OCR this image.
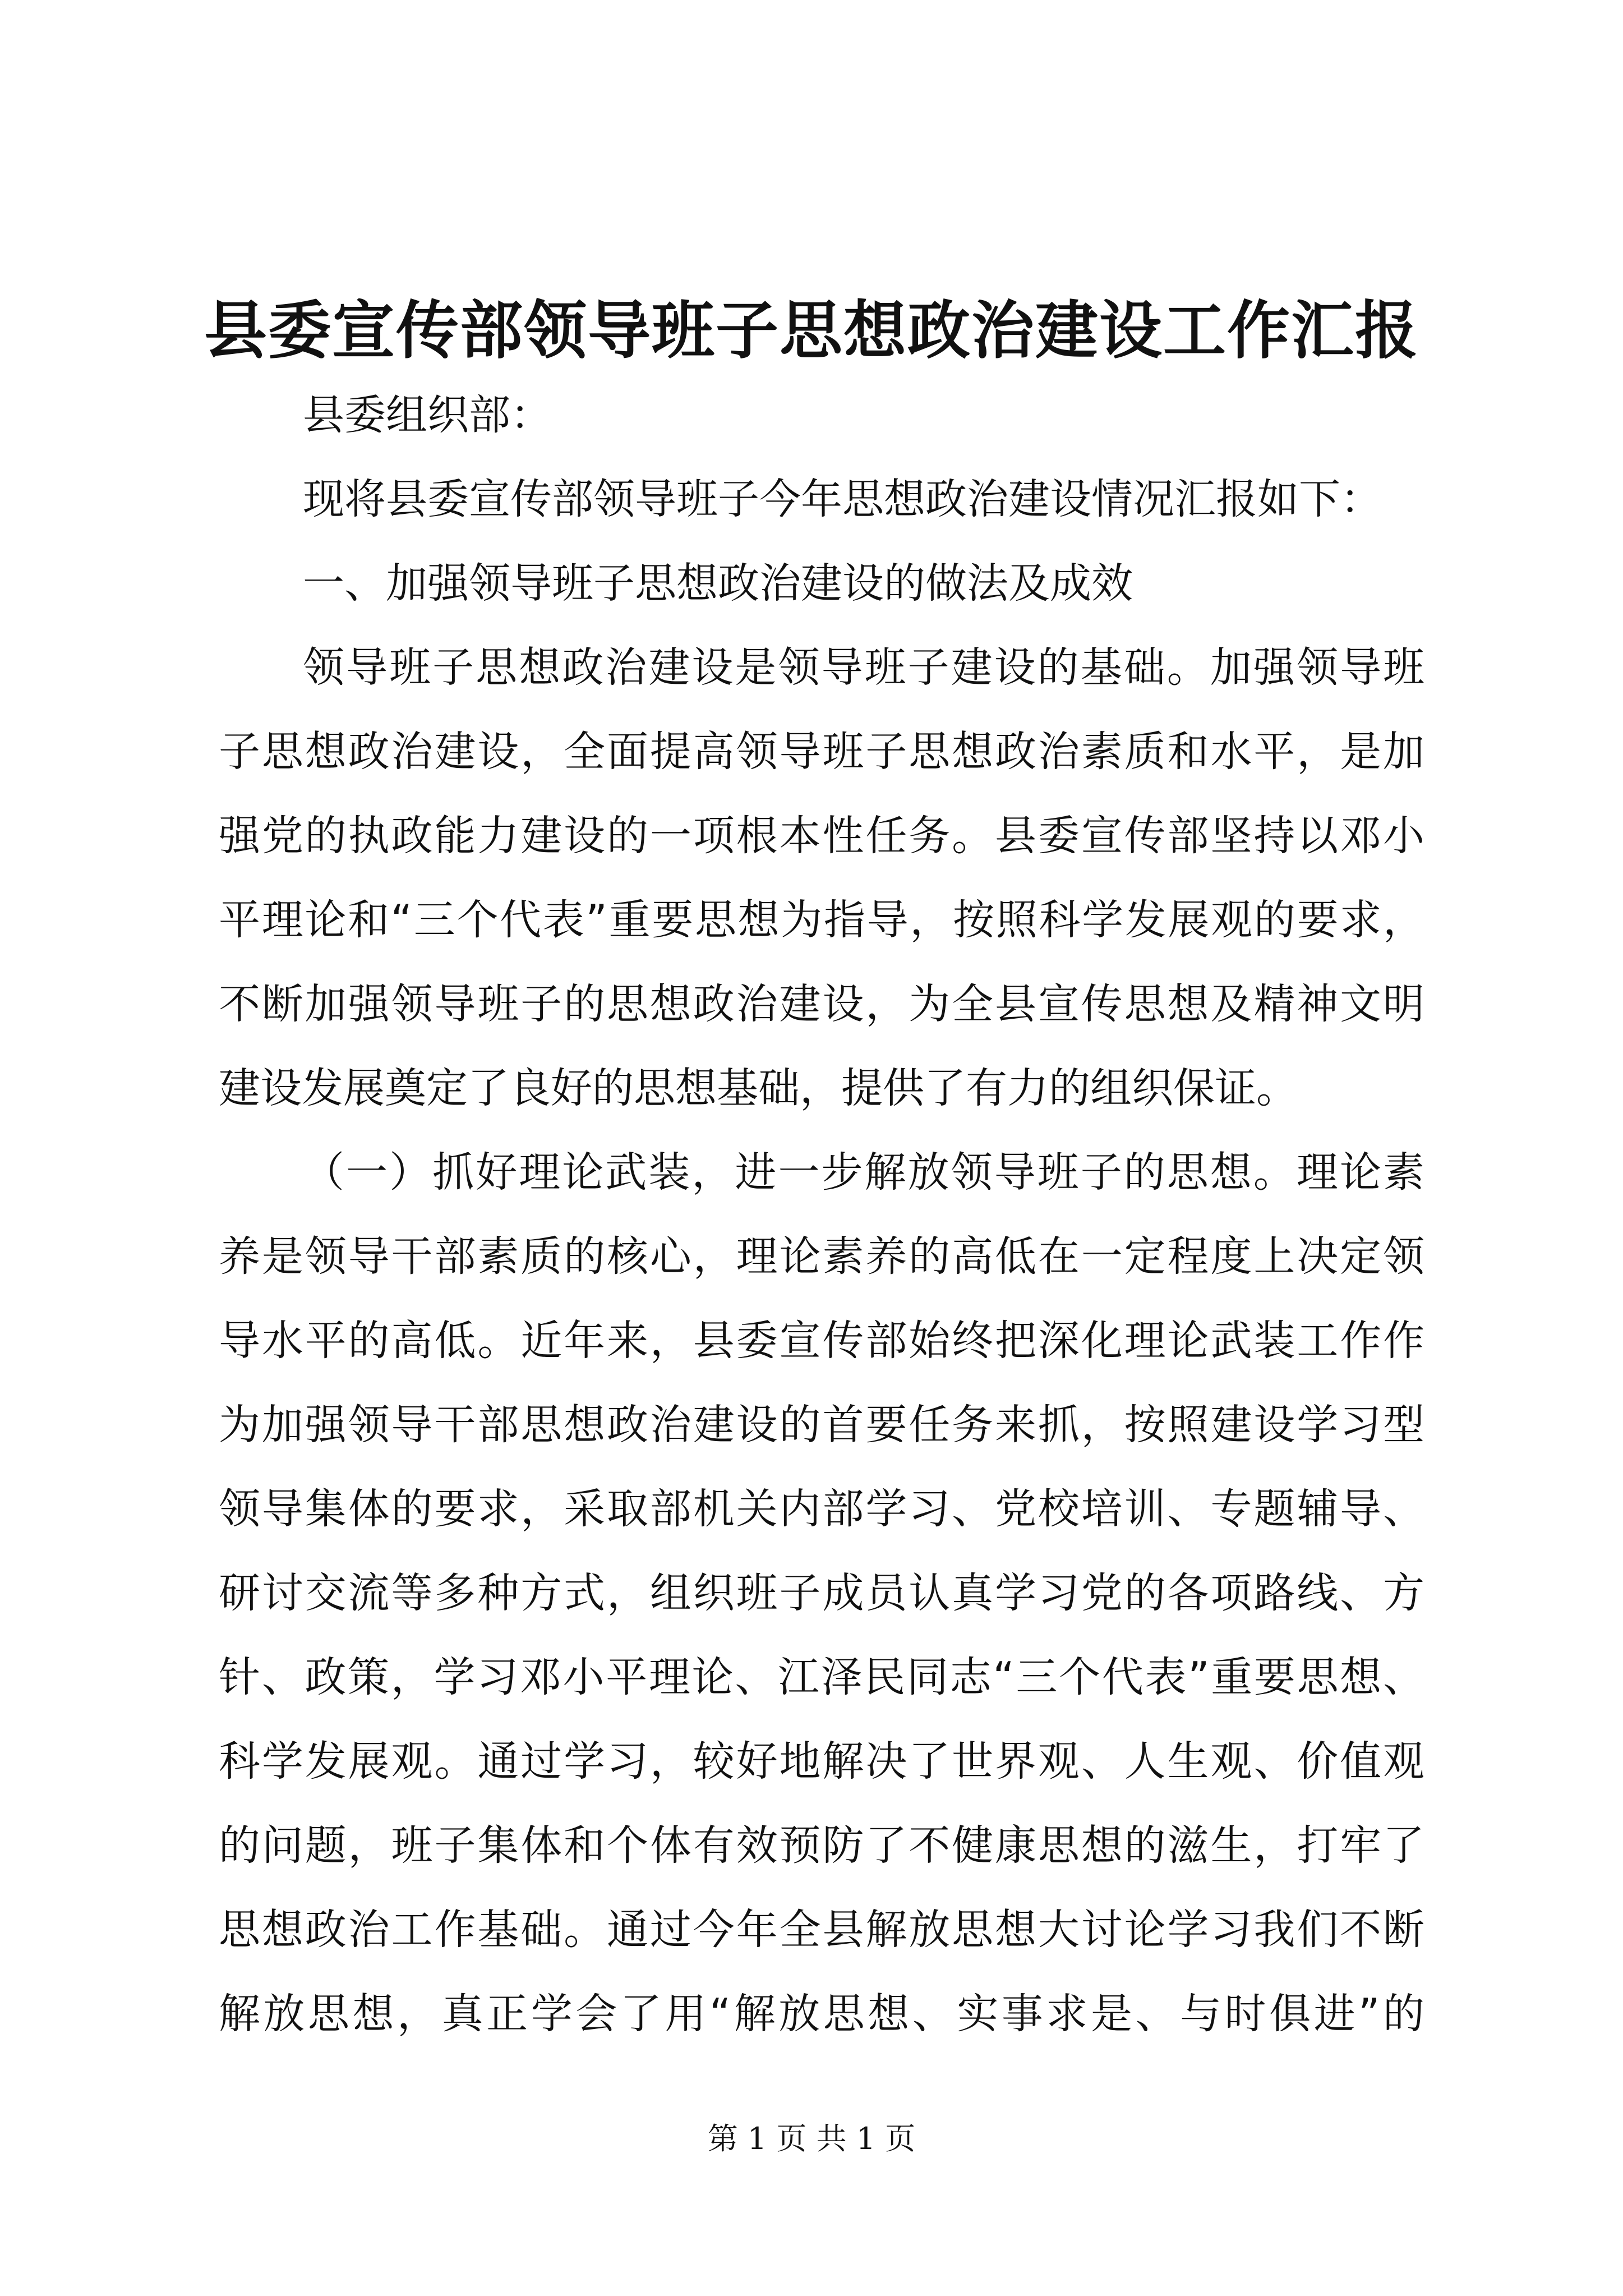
县委宣传部领导班子思想政治建设工作汇报
县委组织部：
现将县委宣传部领导班子今年思想政治建设情况汇报如下：
一、加强领导班子思想政治建设的做法及成效
领导班子思想政治建设是领导班子建设的基础。加强领导班
子思想政治建设，全面提高领导班子思想政治素质和水平，是加
强党的执政能力建设的一项根本性任务。县委宣传部坚持以邓小
平理论和“三个代表”重要思想为指导，按照科学发展观的要求，
不断加强领导班子的思想政治建设，为全县宣传思想及精神文明
建设发展奠定了良好的思想基础，提供了有力的组织保证。
（一）抓好理论武装，进一步解放领导班子的思想。理论素
养是领导干部素质的核心，理论素养的高低在一定程度上决定领
导水平的高低。近年来，县委宣传部始终把深化理论武装工作作
为加强领导干部思想政治建设的首要任务来抓，按照建设学习型
领导集体的要求，采取部机关内部学习、党校培训、专题辅导、
研讨交流等多种方式，组织班子成员认真学习党的各项路线、方
针、政策，学习邓小平理论、江泽民同志“三个代表”重要思想、
科学发展观。通过学习，较好地解决了世界观、人生观、价值观
的问题，班子集体和个体有效预防了不健康思想的滋生，打牢了
思想政治工作基础。通过今年全县解放思想大讨论学习我们不断
解放思想，真正学会了用“解放思想、实事求是、与时俱进”的
第 1 页 共 1 页
